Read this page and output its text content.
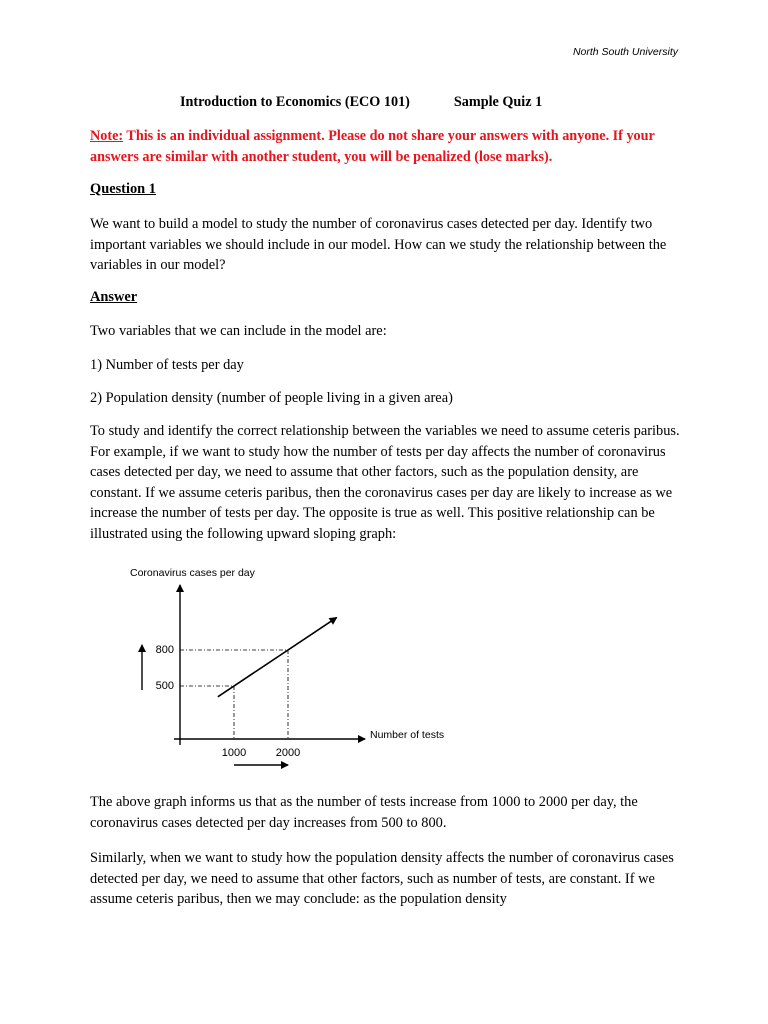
North South University
Introduction to Economics (ECO 101)	Sample Quiz 1
Note: This is an individual assignment. Please do not share your answers with anyone. If your answers are similar with another student, you will be penalized (lose marks).
Question 1

We want to build a model to study the number of coronavirus cases detected per day. Identify two important variables we should include in our model. How can we study the relationship between the variables in our model?

Answer

Two variables that we can include in the model are:

1) Number of tests per day

2) Population density (number of people living in a given area)

To study and identify the correct relationship between the variables we need to assume ceteris paribus. For example, if we want to study how the number of tests per day affects the number of coronavirus cases detected per day, we need to assume that other factors, such as the population density, are constant. If we assume ceteris paribus, then the coronavirus cases per day are likely to increase as we increase the number of tests per day. The opposite is true as well. This positive relationship can be illustrated using the following upward sloping graph:

Coronavirus cases per day
Number of tests
1000	2000
500
800

The above graph informs us that as the number of tests increase from 1000 to 2000 per day, the coronavirus cases detected per day increases from 500 to 800.

Similarly, when we want to study how the population density affects the number of coronavirus cases detected per day, we need to assume that other factors, such as number of tests, are constant. If we assume ceteris paribus, then we may conclude: as the population density
